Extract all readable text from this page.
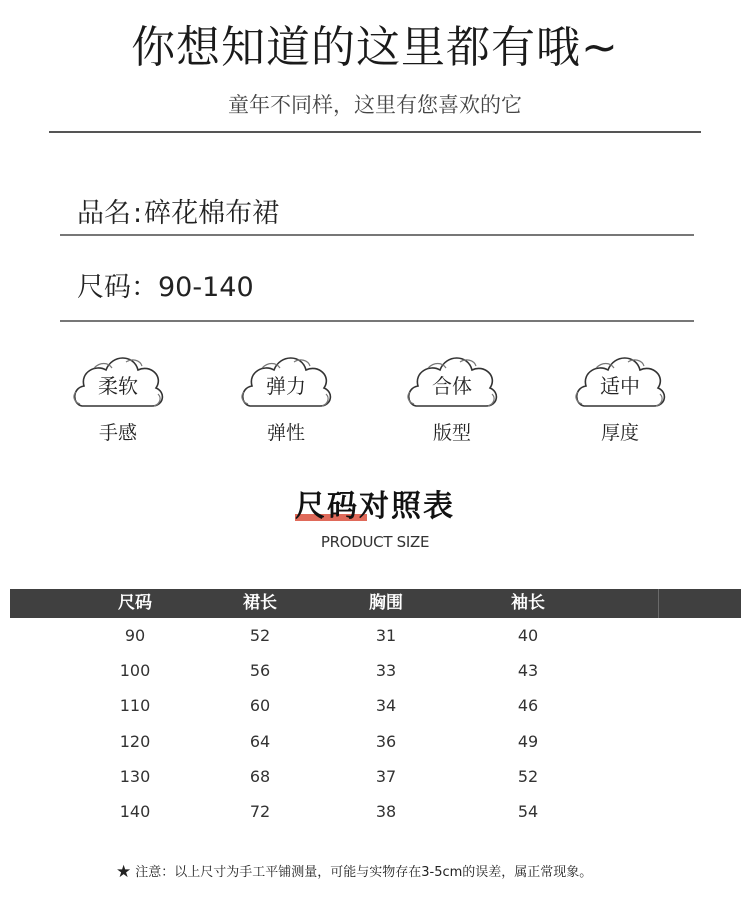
你想知道的这里都有哦~
童年不同样，这里有您喜欢的它
品名:碎花棉布裙
尺码：90-140
柔软
手感
弹力
弹性
合体
版型
适中
厚度
尺码对照表
PRODUCT SIZE
尺码	裙长	胸围	袖长
90	52	31	40
100	56	33	43
110	60	34	46
120	64	36	49
130	68	37	52
140	72	38	54
★ 注意：以上尺寸为手工平铺测量，可能与实物存在3-5cm的误差，属正常现象。
